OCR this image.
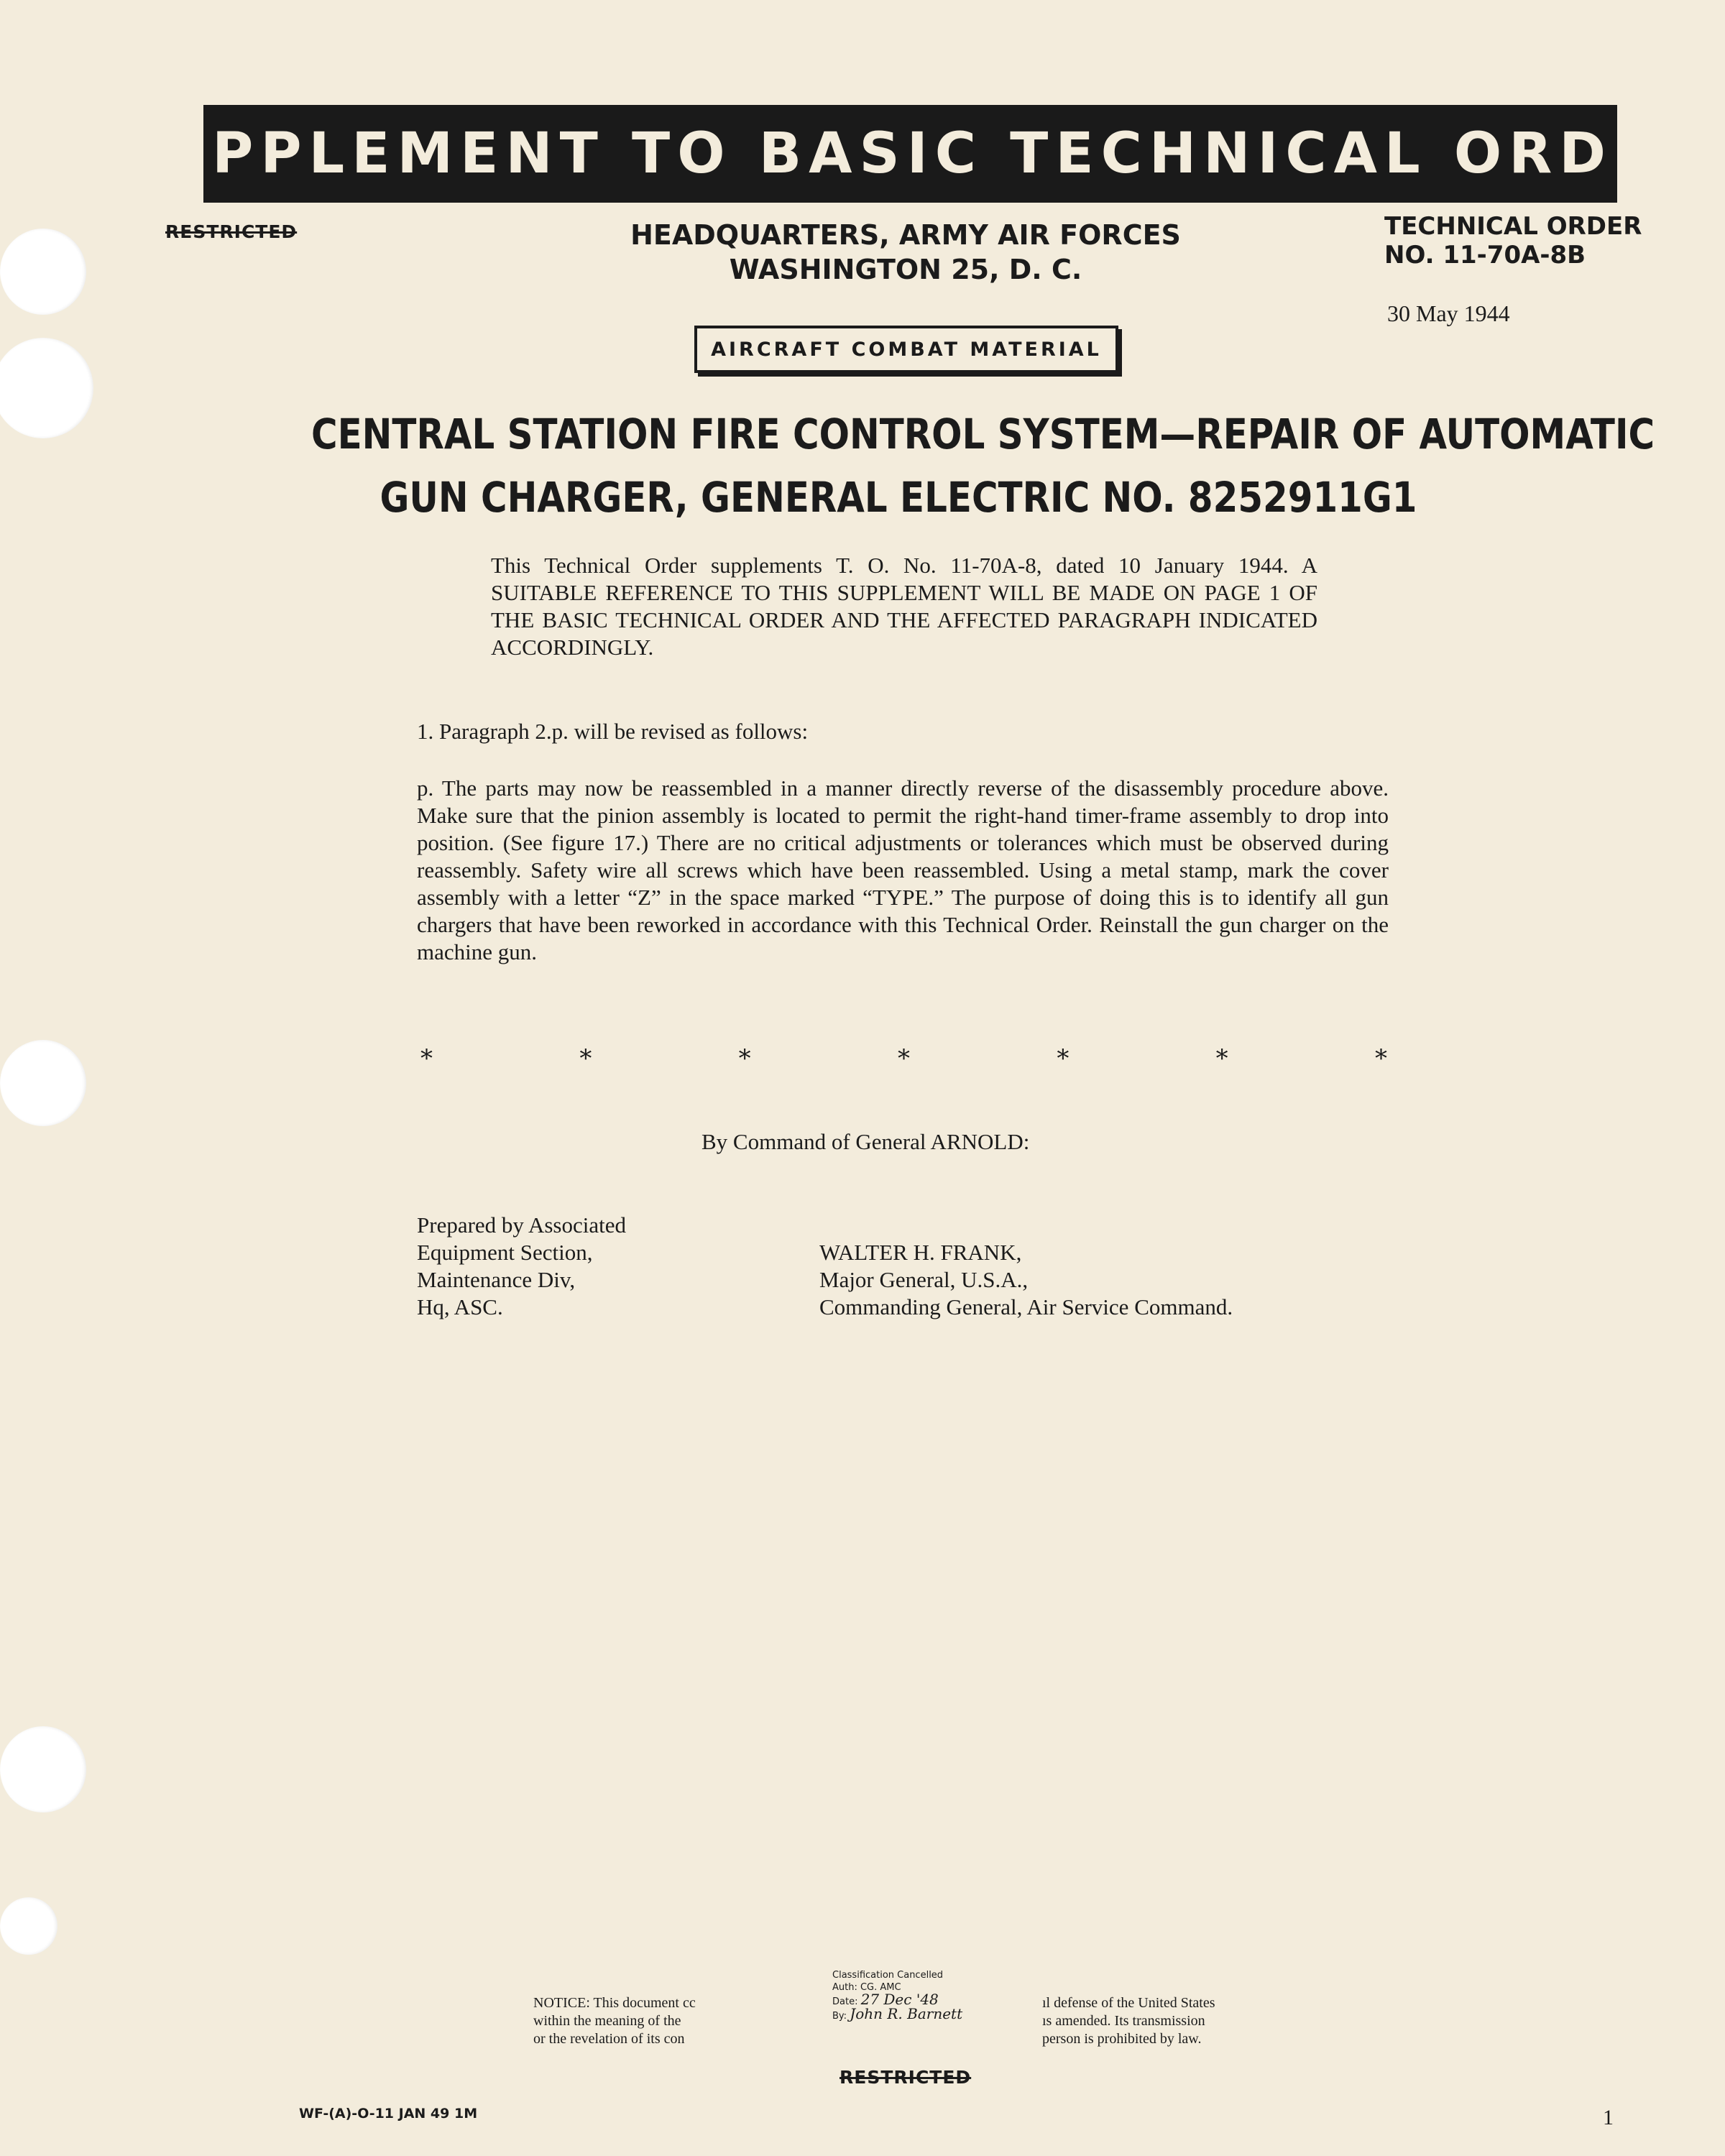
SUPPLEMENT TO BASIC TECHNICAL ORDER
RESTRICTED	HEADQUARTERS, ARMY AIR FORCES
WASHINGTON 25, D. C.
TECHNICAL ORDER
NO. 11-70A-8B
30 May 1944
AIRCRAFT COMBAT MATERIAL
CENTRAL STATION FIRE CONTROL SYSTEM—REPAIR OF AUTOMATIC
GUN CHARGER, GENERAL ELECTRIC NO. 8252911G1
This Technical Order supplements T. O. No. 11-70A-8, dated 10 January 1944. A SUITABLE REFERENCE TO THIS SUPPLEMENT WILL BE MADE ON PAGE 1 OF THE BASIC TECHNICAL ORDER AND THE AFFECTED PARAGRAPH INDICATED ACCORDINGLY.
1. Paragraph 2.p. will be revised as follows:
p. The parts may now be reassembled in a manner directly reverse of the disassembly procedure above. Make sure that the pinion assembly is located to permit the right-hand timer-frame assembly to drop into position. (See figure 17.) There are no critical adjustments or tolerances which must be observed during reassembly. Safety wire all screws which have been reassembled. Using a metal stamp, mark the cover assembly with a letter “Z” in the space marked “TYPE.” The purpose of doing this is to identify all gun chargers that have been reworked in accordance with this Technical Order. Reinstall the gun charger on the machine gun.
*	*	*	*	*	*	*
By Command of General ARNOLD:
Prepared by Associated
Equipment Section,
Maintenance Div,
Hq, ASC.
WALTER H. FRANK,
Major General, U.S.A.,
Commanding General, Air Service Command.
NOTICE: This document cc
within the meaning of the
or the revelation of its con
ıl defense of the United States
ıs amended. Its transmission
person is prohibited by law.
Classification Cancelled
Auth: CG. AMC
Date: 27 Dec '48
By: John R. Barnett
RESTRICTED
WF-(A)-O-11 JAN 49 1M	1
